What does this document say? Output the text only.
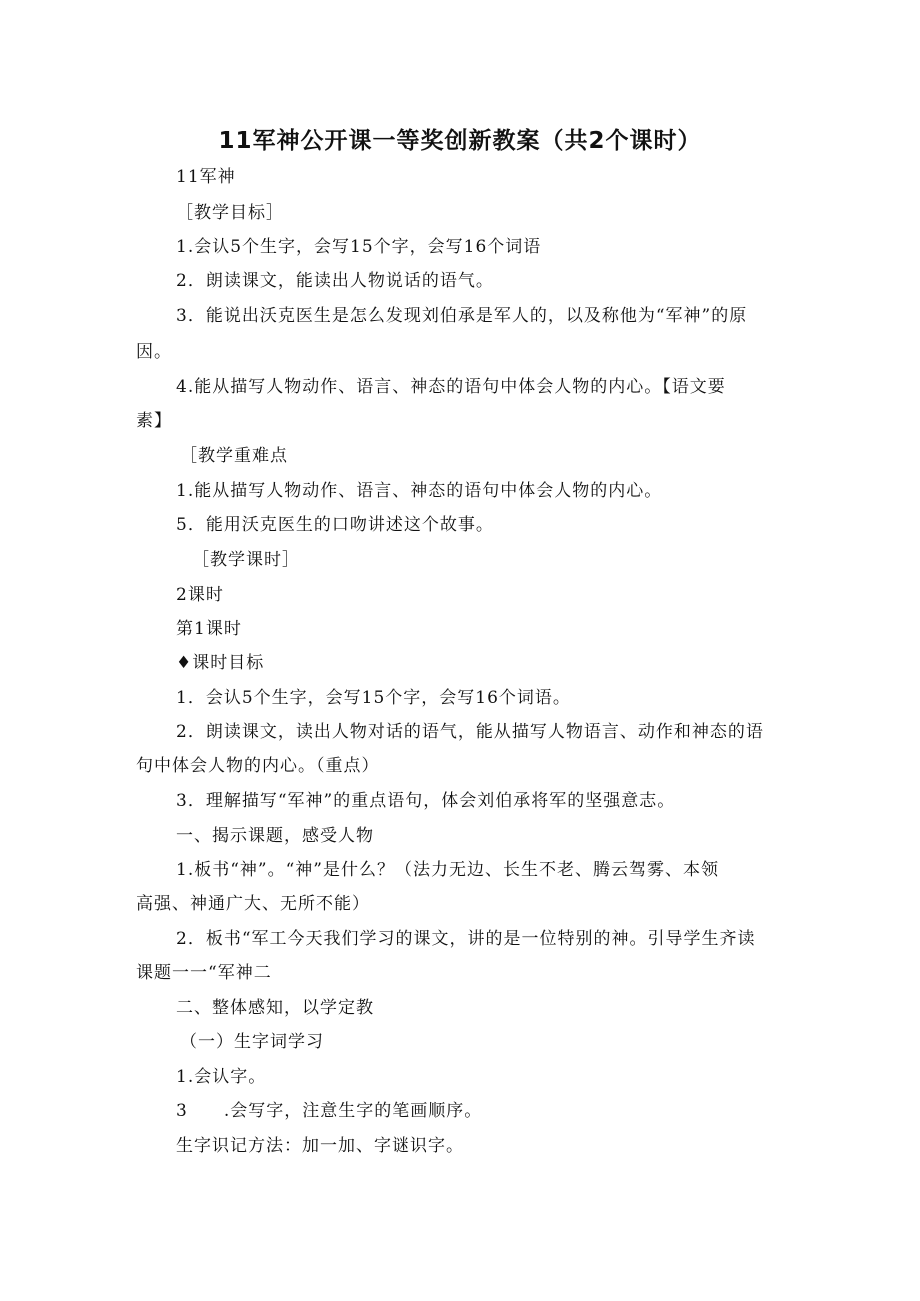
11军神公开课一等奖创新教案（共2个课时）
11军神
［教学目标］
1.会认5个生字，会写15个字，会写16个词语
2．朗读课文，能读出人物说话的语气。
3．能说出沃克医生是怎么发现刘伯承是军人的，以及称他为“军神”的原
因。
4.能从描写人物动作、语言、神态的语句中体会人物的内心。【语文要
素】
［教学重难点
1.能从描写人物动作、语言、神态的语句中体会人物的内心。
5．能用沃克医生的口吻讲述这个故事。
［教学课时］
2课时
第1课时
♦课时目标
1．会认5个生字，会写15个字，会写16个词语。
2．朗读课文，读出人物对话的语气，能从描写人物语言、动作和神态的语
句中体会人物的内心。（重点）
3．理解描写“军神”的重点语句，体会刘伯承将军的坚强意志。
一、揭示课题，感受人物
1.板书“神”。“神”是什么？（法力无边、长生不老、腾云驾雾、本领
高强、神通广大、无所不能）
2．板书“军工今天我们学习的课文，讲的是一位特别的神。引导学生齐读
课题一一“军神二
二、整体感知，以学定教
（一）生字词学习
1.会认字。
3　　.会写字，注意生字的笔画顺序。
生字识记方法：加一加、字谜识字。
